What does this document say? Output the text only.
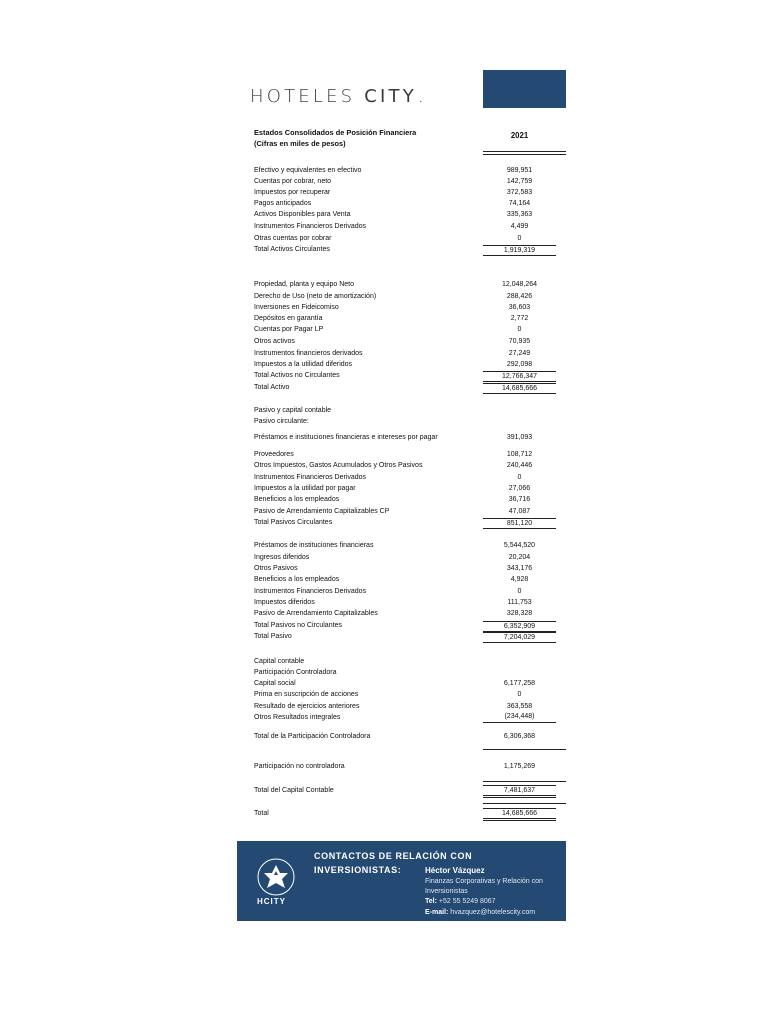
HOTELES CITY.
Estados Consolidados de Posición Financiera
(Cifras en miles de pesos)
2021
Efectivo y equivalentes en efectivo	989,951
Cuentas por cobrar, neto	142,759
Impuestos por recuperar	372,583
Pagos anticipados	74,164
Activos Disponibles para Venta	335,363
Instrumentos Financieros Derivados	4,499
Otras cuentas por cobrar	0
Total Activos Circulantes	1,919,319
Propiedad, planta y equipo Neto	12,048,264
Derecho de Uso (neto de amortización)	288,426
Inversiones en Fideicomiso	36,603
Depósitos en garantía	2,772
Cuentas por Pagar LP	0
Otros activos	70,935
Instrumentos financieros derivados	27,249
Impuestos a la utilidad diferidos	292,098
Total Activos no Circulantes	12,766,347
Total Activo	14,685,666
Pasivo y capital contable
Pasivo circulante:
Préstamos e instituciones financieras e intereses por pagar	391,093
Proveedores	108,712
Otros Impuestos, Gastos Acumulados y Otros Pasivos	240,446
Instrumentos Financieros Derivados	0
Impuestos a la utilidad por pagar	27,066
Beneficios a los empleados	36,716
Pasivo de Arrendamiento Capitalizables CP	47,087
Total Pasivos Circulantes	851,120
Préstamos de instituciones financieras	5,544,520
Ingresos diferidos	20,204
Otros Pasivos	343,176
Beneficios a los empleados	4,928
Instrumentos Financieros Derivados	0
Impuestos diferidos	111,753
Pasivo de Arrendamiento Capitalizables	328,328
Total Pasivos no Circulantes	6,352,909
Total Pasivo	7,204,029
Capital contable
Participación Controladora
Capital social	6,177,258
Prima en suscripción de acciones	0
Resultado de ejercicios anteriores	363,558
Otros Resultados integrales	(234,448)
Total de la Participación Controladora	6,306,368
Participación no controladora	1,175,269
Total del Capital Contable	7,481,637
Total	14,685,666
HCITY
CONTACTOS DE RELACIÓN CON
INVERSIONISTAS:	Héctor Vázquez
Finanzas Corporativas y Relación con Inversionistas
Tel: +52 55 5249 8067
E-mail: hvazquez@hotelescity.com
